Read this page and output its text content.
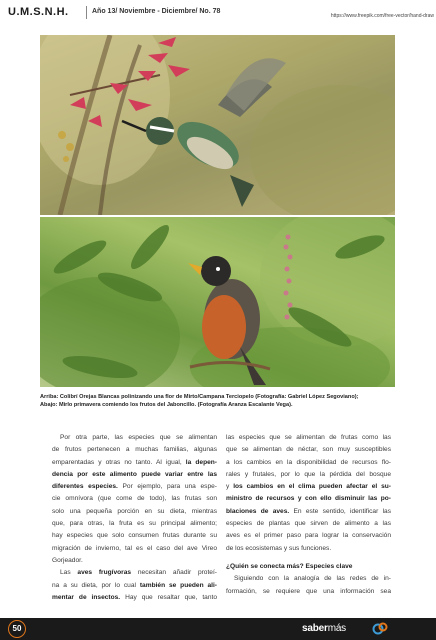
U.M.S.N.H.	Año 13/ Noviembre - Diciembre/ No. 78
https://www.freepik.com/free-vector/hand-draw
Arriba: Colibrí Orejas Blancas polinizando una flor de Mirto/Campana Terciopelo (Fotografía: Gabriel López Segoviano);
Abajo: Mirlo primavera comiendo los frutos del Jaboncillo. (Fotografía Aranza Escalante Vega).
Por otra parte, las especies que se alimentan
de frutos pertenecen a muchas familias, algunas
emparentadas y otras no tanto. Al igual, la depen-
dencia por este alimento puede variar entre las
diferentes especies. Por ejemplo, para una espe-
cie omnívora (que come de todo), las frutas son
solo una pequeña porción en su dieta, mientras
que, para otras, la fruta es su principal alimento;
hay especies que solo consumen frutas durante su
migración de invierno, tal es el caso del ave Vireo
Gorjeador.
Las aves frugívoras necesitan añadir proteí-
na a su dieta, por lo cual también se pueden ali-
mentar de insectos. Hay que resaltar que, tanto
las especies que se alimentan de frutas como las
que se alimentan de néctar, son muy susceptibles
a los cambios en la disponibilidad de recursos flo-
rales y frutales, por lo que la pérdida del bosque
y los cambios en el clima pueden afectar el su-
ministro de recursos y con ello disminuir las po-
blaciones de aves. En este sentido, identificar las
especies de plantas que sirven de alimento a las
aves es el primer paso para lograr la conservación
de los ecosistemas y sus funciones.
¿Quién se conecta más? Especies clave
Siguiendo con la analogía de las redes de in-
formación, se requiere que una información sea
50	sabermás
